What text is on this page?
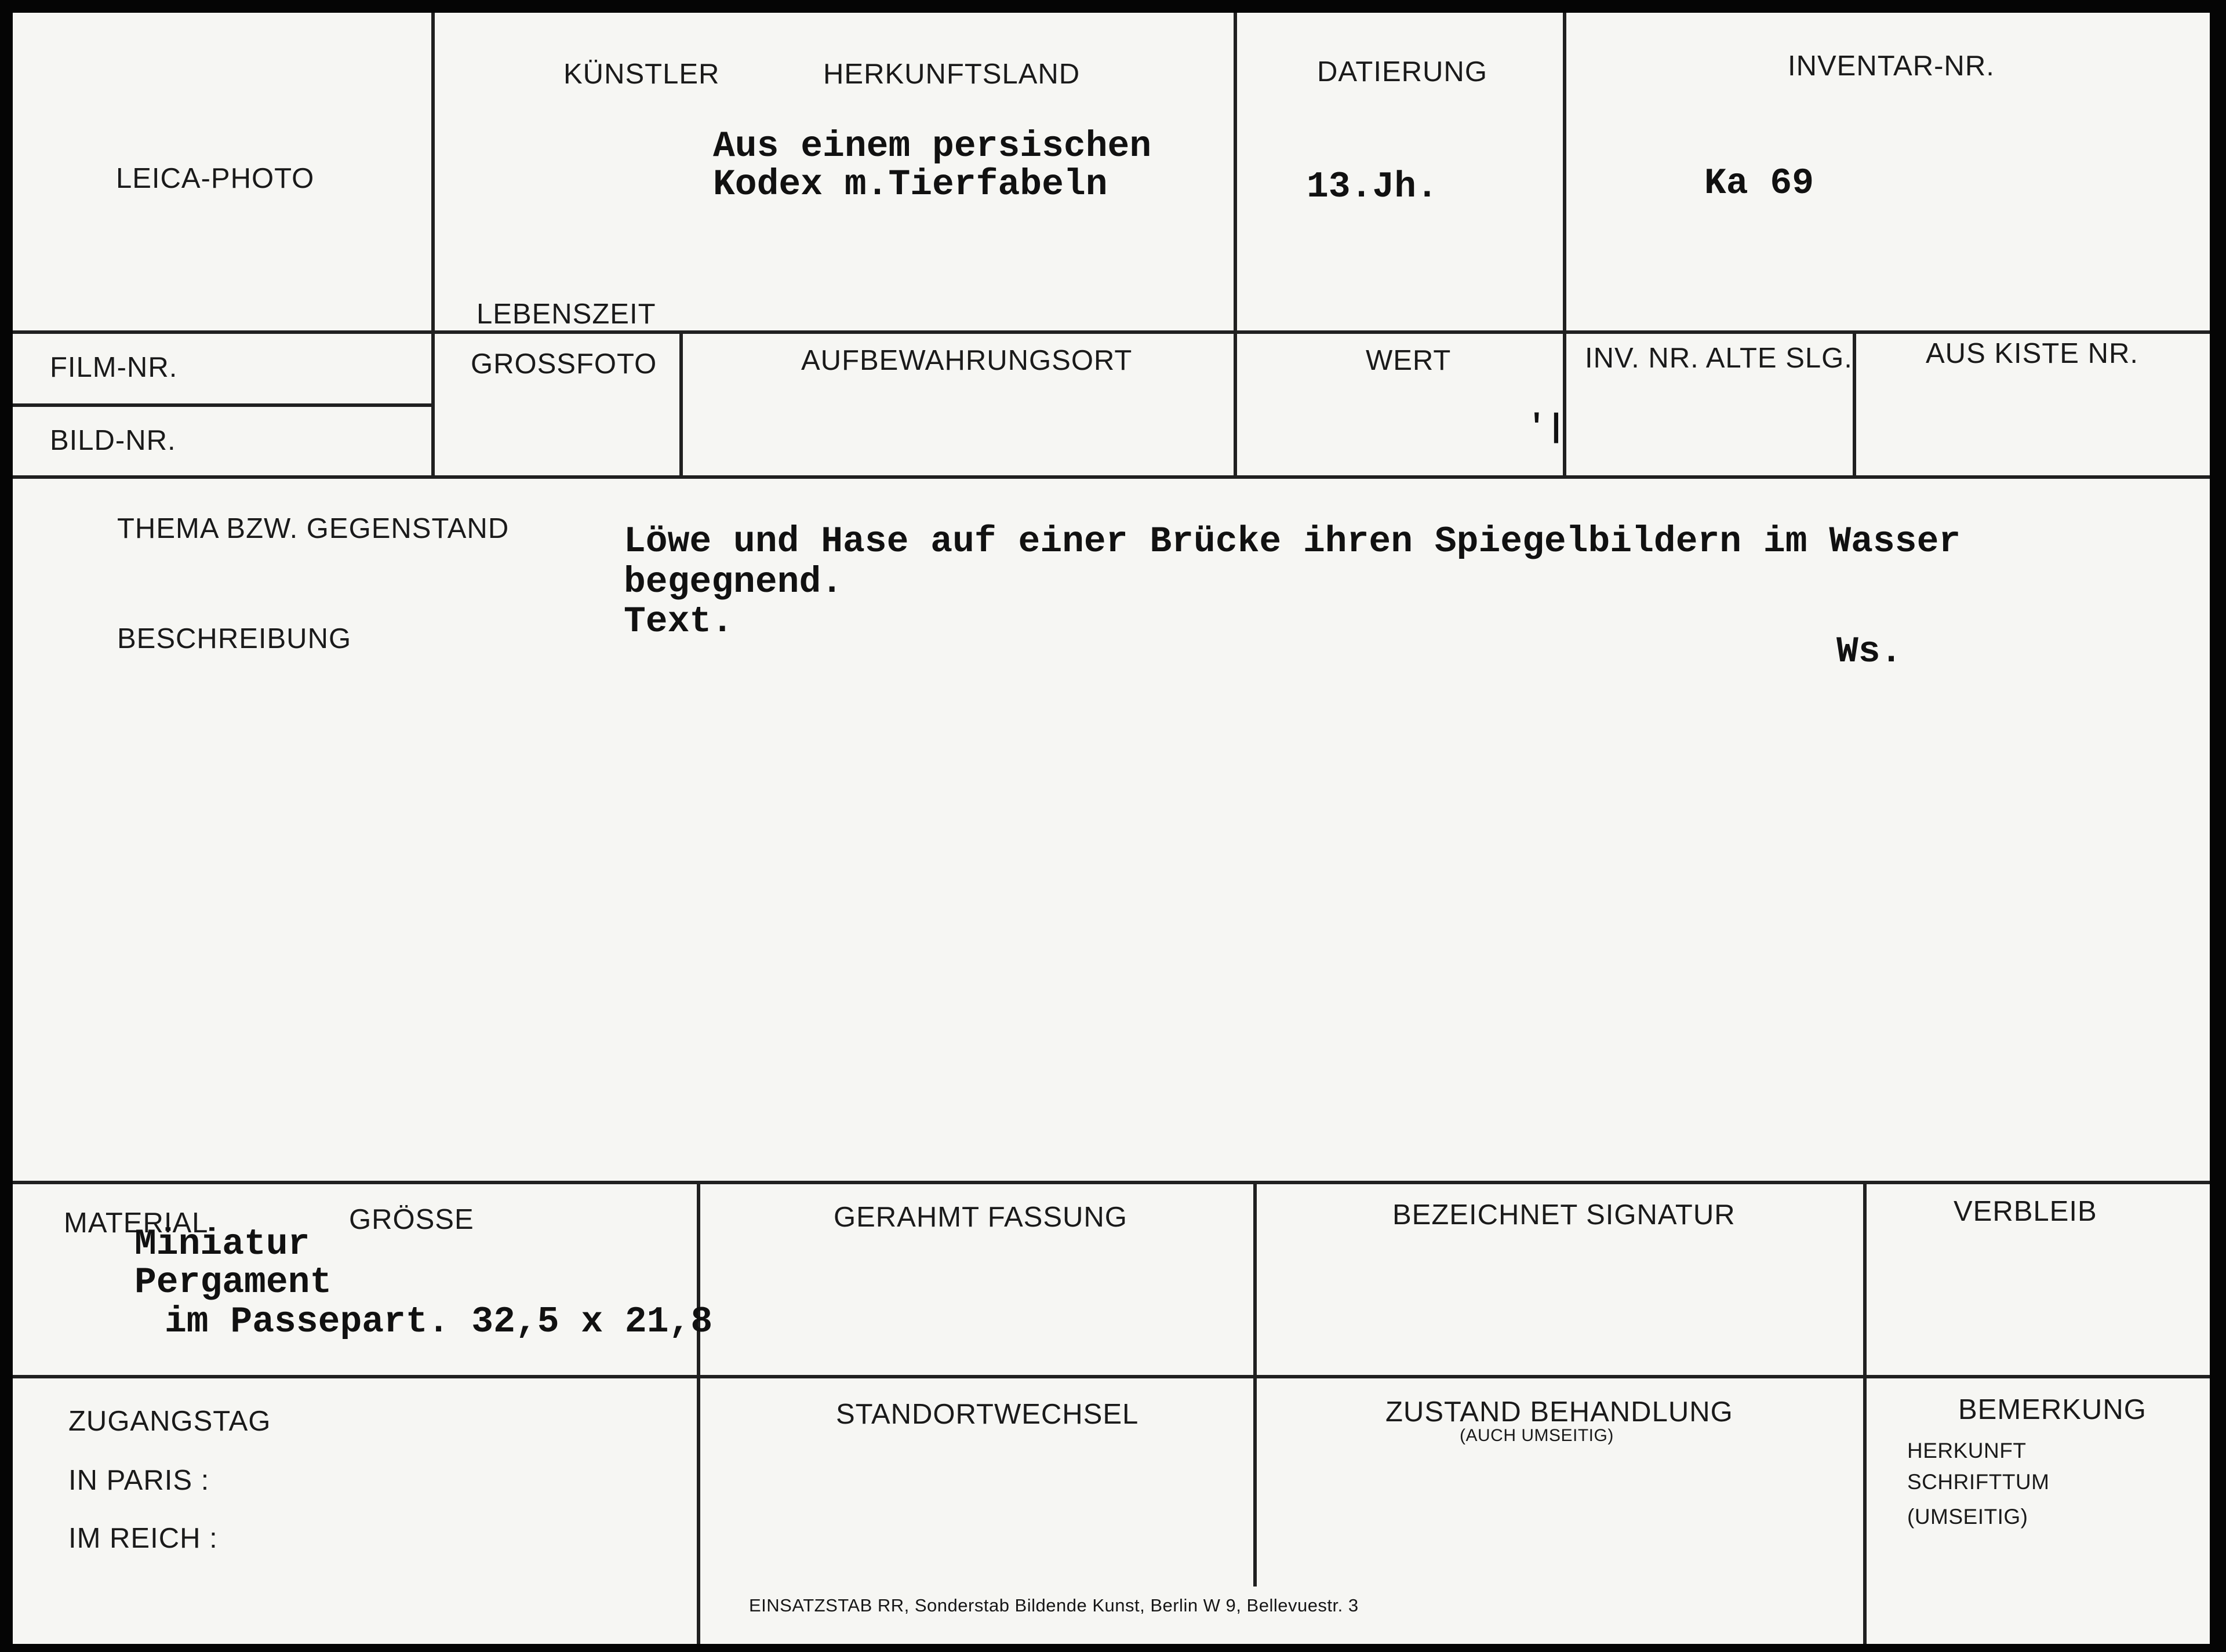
LEICA-PHOTO
KÜNSTLER	HERKUNFTSLAND
Aus einem persischen
Kodex m.Tierfabeln
LEBENSZEIT
DATIERUNG
13.Jh.
INVENTAR-NR.
Ka 69
FILM-NR.
BILD-NR.
GROSSFOTO	AUFBEWAHRUNGSORT	WERT
'|
INV. NR. ALTE SLG.	AUS KISTE NR.
THEMA BZW. GEGENSTAND
BESCHREIBUNG
Löwe und Hase auf einer Brücke ihren Spiegelbildern im Wasser
begegnend.
Text.
Ws.
MATERIAL	GRÖSSE
Miniatur
Pergament
im Passepart. 32,5 x 21,8
GERAHMT FASSUNG	BEZEICHNET SIGNATUR	VERBLEIB
ZUGANGSTAG
IN PARIS :
IM REICH :
STANDORTWECHSEL	ZUSTAND BEHANDLUNG
(AUCH UMSEITIG)
BEMERKUNG
HERKUNFT
SCHRIFTTUM
(UMSEITIG)
EINSATZSTAB RR, Sonderstab Bildende Kunst, Berlin W 9, Bellevuestr. 3
